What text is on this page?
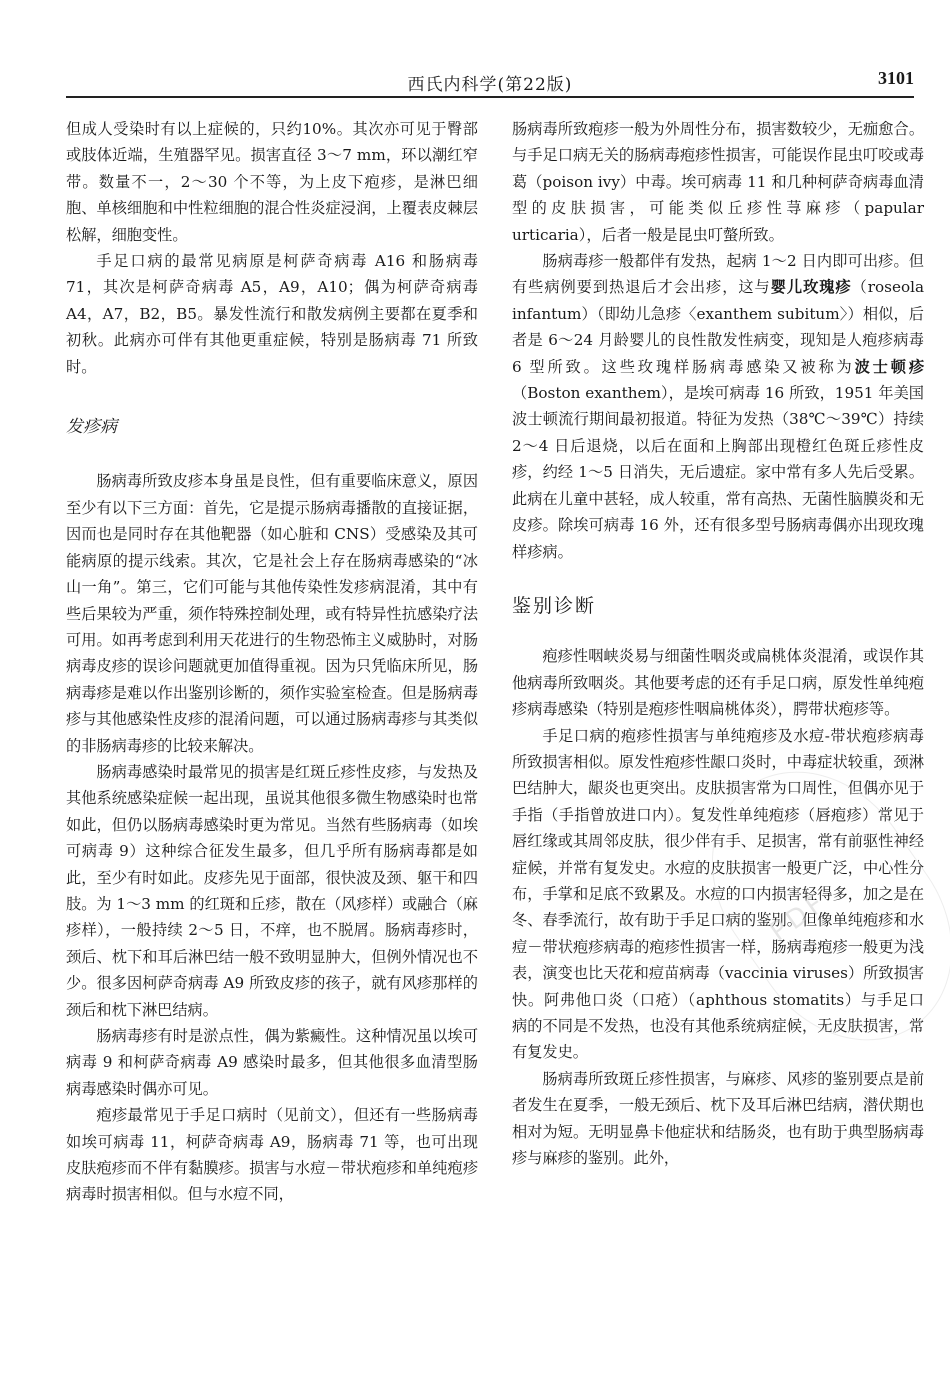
西氏内科学(第22版)	3101

但成人受染时有以上症候的，只约10%。其次亦可见于臀部或肢体近端，生殖器罕见。损害直径 3～7 mm，环以潮红窄带。数量不一，2～30 个不等，为上皮下疱疹，是淋巴细胞、单核细胞和中性粒细胞的混合性炎症浸润，上覆表皮棘层松解，细胞变性。

手足口病的最常见病原是柯萨奇病毒 A16 和肠病毒 71，其次是柯萨奇病毒 A5，A9，A10；偶为柯萨奇病毒 A4，A7，B2，B5。暴发性流行和散发病例主要都在夏季和初秋。此病亦可伴有其他更重症候，特别是肠病毒 71 所致时。

发疹病

肠病毒所致皮疹本身虽是良性，但有重要临床意义，原因至少有以下三方面：首先，它是提示肠病毒播散的直接证据，因而也是同时存在其他靶器（如心脏和 CNS）受感染及其可能病原的提示线索。其次，它是社会上存在肠病毒感染的“冰山一角”。第三，它们可能与其他传染性发疹病混淆，其中有些后果较为严重，须作特殊控制处理，或有特异性抗感染疗法可用。如再考虑到利用天花进行的生物恐怖主义威胁时，对肠病毒皮疹的误诊问题就更加值得重视。因为只凭临床所见，肠病毒疹是难以作出鉴别诊断的，须作实验室检查。但是肠病毒疹与其他感染性皮疹的混淆问题，可以通过肠病毒疹与其类似的非肠病毒疹的比较来解决。

肠病毒感染时最常见的损害是红斑丘疹性皮疹，与发热及其他系统感染症候一起出现，虽说其他很多微生物感染时也常如此，但仍以肠病毒感染时更为常见。当然有些肠病毒（如埃可病毒 9）这种综合征发生最多，但几乎所有肠病毒都是如此，至少有时如此。皮疹先见于面部，很快波及颈、躯干和四肢。为 1～3 mm 的红斑和丘疹，散在（风疹样）或融合（麻疹样），一般持续 2～5 日，不痒，也不脱屑。肠病毒疹时，颈后、枕下和耳后淋巴结一般不致明显肿大，但例外情况也不少。很多因柯萨奇病毒 A9 所致皮疹的孩子，就有风疹那样的颈后和枕下淋巴结病。

肠病毒疹有时是淤点性，偶为紫癜性。这种情况虽以埃可病毒 9 和柯萨奇病毒 A9 感染时最多，但其他很多血清型肠病毒感染时偶亦可见。

疱疹最常见于手足口病时（见前文），但还有一些肠病毒如埃可病毒 11，柯萨奇病毒 A9，肠病毒 71 等，也可出现皮肤疱疹而不伴有黏膜疹。损害与水痘－带状疱疹和单纯疱疹病毒时损害相似。但与水痘不同，

肠病毒所致疱疹一般为外周性分布，损害数较少，无痂愈合。与手足口病无关的肠病毒疱疹性损害，可能误作昆虫叮咬或毒葛（poison ivy）中毒。埃可病毒 11 和几种柯萨奇病毒血清型的皮肤损害，可能类似丘疹性荨麻疹（papular urticaria），后者一般是昆虫叮螫所致。

肠病毒疹一般都伴有发热，起病 1～2 日内即可出疹。但有些病例要到热退后才会出疹，这与婴儿玫瑰疹（roseola infantum）（即幼儿急疹〈exanthem subitum〉）相似，后者是 6～24 月龄婴儿的良性散发性病变，现知是人疱疹病毒 6 型所致。这些玫瑰样肠病毒感染又被称为波士顿疹（Boston exanthem），是埃可病毒 16 所致，1951 年美国波士顿流行期间最初报道。特征为发热（38℃～39℃）持续 2～4 日后退烧，以后在面和上胸部出现橙红色斑丘疹性皮疹，约经 1～5 日消失，无后遗症。家中常有多人先后受累。此病在儿童中甚轻，成人较重，常有高热、无菌性脑膜炎和无皮疹。除埃可病毒 16 外，还有很多型号肠病毒偶亦出现玫瑰样疹病。

鉴别诊断

疱疹性咽峡炎易与细菌性咽炎或扁桃体炎混淆，或误作其他病毒所致咽炎。其他要考虑的还有手足口病，原发性单纯疱疹病毒感染（特别是疱疹性咽扁桃体炎），腭带状疱疹等。

手足口病的疱疹性损害与单纯疱疹及水痘-带状疱疹病毒所致损害相似。原发性疱疹性龈口炎时，中毒症状较重，颈淋巴结肿大，龈炎也更突出。皮肤损害常为口周性，但偶亦见于手指（手指曾放进口内）。复发性单纯疱疹（唇疱疹）常见于唇红缘或其周邻皮肤，很少伴有手、足损害，常有前驱性神经症候，并常有复发史。水痘的皮肤损害一般更广泛，中心性分布，手掌和足底不致累及。水痘的口内损害轻得多，加之是在冬、春季流行，故有助于手足口病的鉴别。但像单纯疱疹和水痘－带状疱疹病毒的疱疹性损害一样，肠病毒疱疹一般更为浅表，演变也比天花和痘苗病毒（vaccinia viruses）所致损害快。阿弗他口炎（口疮）（aphthous stomatits）与手足口病的不同是不发热，也没有其他系统病症候，无皮肤损害，常有复发史。

肠病毒所致斑丘疹性损害，与麻疹、风疹的鉴别要点是前者发生在夏季，一般无颈后、枕下及耳后淋巴结病，潜伏期也相对为短。无明显鼻卡他症状和结肠炎，也有助于典型肠病毒疹与麻疹的鉴别。此外，

PDF
